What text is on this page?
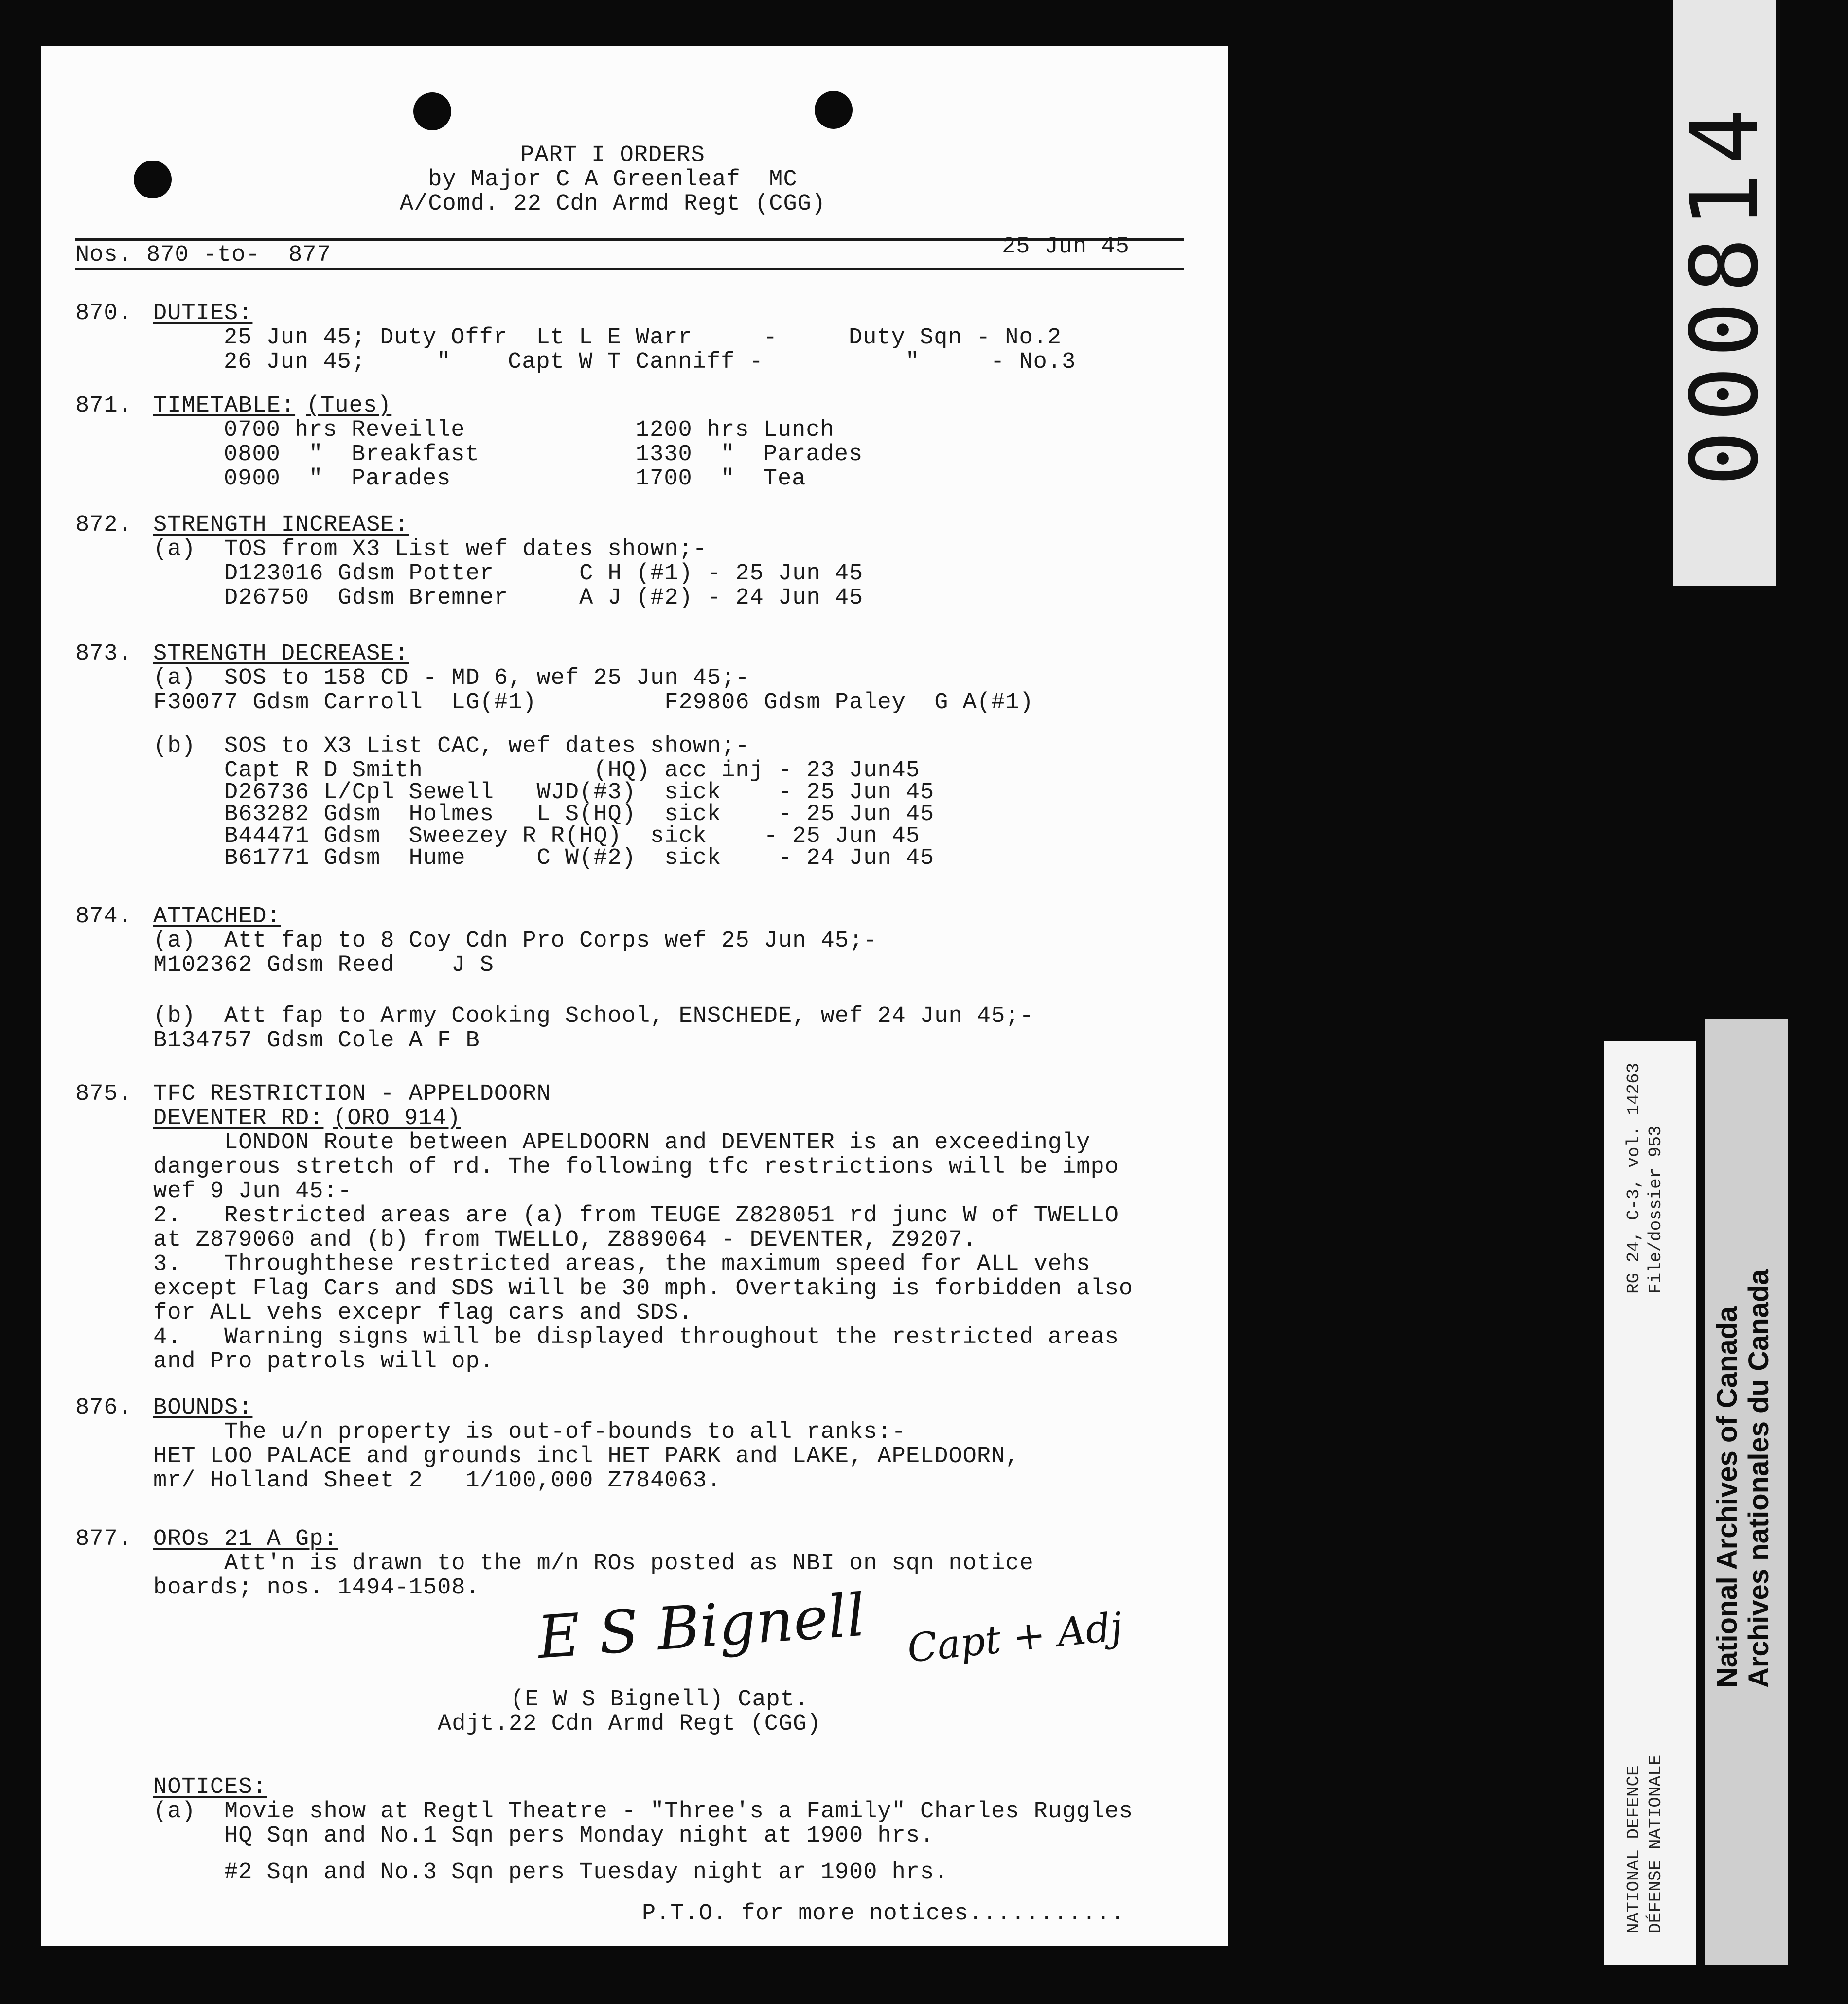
PART I ORDERS
by Major C A Greenleaf  MC
A/Comd. 22 Cdn Armd Regt (CGG)
Nos. 870 -to-  877	25 Jun 45
870. DUTIES:
25 Jun 45; Duty Offr  Lt L E Warr     -     Duty Sqn - No.2
26 Jun 45;     "    Capt W T Canniff -          "     - No.3
871. TIMETABLE: (Tues)
0700 hrs Reveille            1200 hrs Lunch
0800  "  Breakfast           1330  "  Parades
0900  "  Parades             1700  "  Tea
872. STRENGTH INCREASE:
(a)  TOS from X3 List wef dates shown;-
D123016 Gdsm Potter      C H (#1) - 25 Jun 45
D26750  Gdsm Bremner     A J (#2) - 24 Jun 45
873. STRENGTH DECREASE:
(a)  SOS to 158 CD - MD 6, wef 25 Jun 45;-
F30077 Gdsm Carroll  LG(#1)         F29806 Gdsm Paley  G A(#1)
(b)  SOS to X3 List CAC, wef dates shown;-
Capt R D Smith            (HQ) acc inj - 23 Jun45
D26736 L/Cpl Sewell   WJD(#3)  sick    - 25 Jun 45
B63282 Gdsm  Holmes   L S(HQ)  sick    - 25 Jun 45
B44471 Gdsm  Sweezey R R(HQ)  sick    - 25 Jun 45
B61771 Gdsm  Hume     C W(#2)  sick    - 24 Jun 45
874. ATTACHED:
(a)  Att fap to 8 Coy Cdn Pro Corps wef 25 Jun 45;-
M102362 Gdsm Reed    J S
(b)  Att fap to Army Cooking School, ENSCHEDE, wef 24 Jun 45;-
B134757 Gdsm Cole A F B
875. TFC RESTRICTION - APPELDOORN
DEVENTER RD: (ORO 914)
LONDON Route between APELDOORN and DEVENTER is an exceedingly
dangerous stretch of rd. The following tfc restrictions will be impo
wef 9 Jun 45:-
2.   Restricted areas are (a) from TEUGE Z828051 rd junc W of TWELLO
at Z879060 and (b) from TWELLO, Z889064 - DEVENTER, Z9207.
3.   Throughthese restricted areas, the maximum speed for ALL vehs
except Flag Cars and SDS will be 30 mph. Overtaking is forbidden also
for ALL vehs excepr flag cars and SDS.
4.   Warning signs will be displayed throughout the restricted areas
and Pro patrols will op.
876. BOUNDS:
The u/n property is out-of-bounds to all ranks:-
HET LOO PALACE and grounds incl HET PARK and LAKE, APELDOORN,
mr/ Holland Sheet 2   1/100,000 Z784063.
877. OROs 21 A Gp:
Att'n is drawn to the m/n ROs posted as NBI on sqn notice
boards; nos. 1494-1508. E S Bignell Capt + Adj
(E W S Bignell) Capt.
Adjt.22 Cdn Armd Regt (CGG)
NOTICES:
(a)  Movie show at Regtl Theatre - "Three's a Family" Charles Ruggles
HQ Sqn and No.1 Sqn pers Monday night at 1900 hrs.
#2 Sqn and No.3 Sqn pers Tuesday night ar 1900 hrs.
P.T.O. for more notices...........
000814
RG 24, C-3, vol. 14263 File/dossier 953
NATIONAL DEFENCE DÉFENSE NATIONALE
National Archives of Canada Archives nationales du Canada
